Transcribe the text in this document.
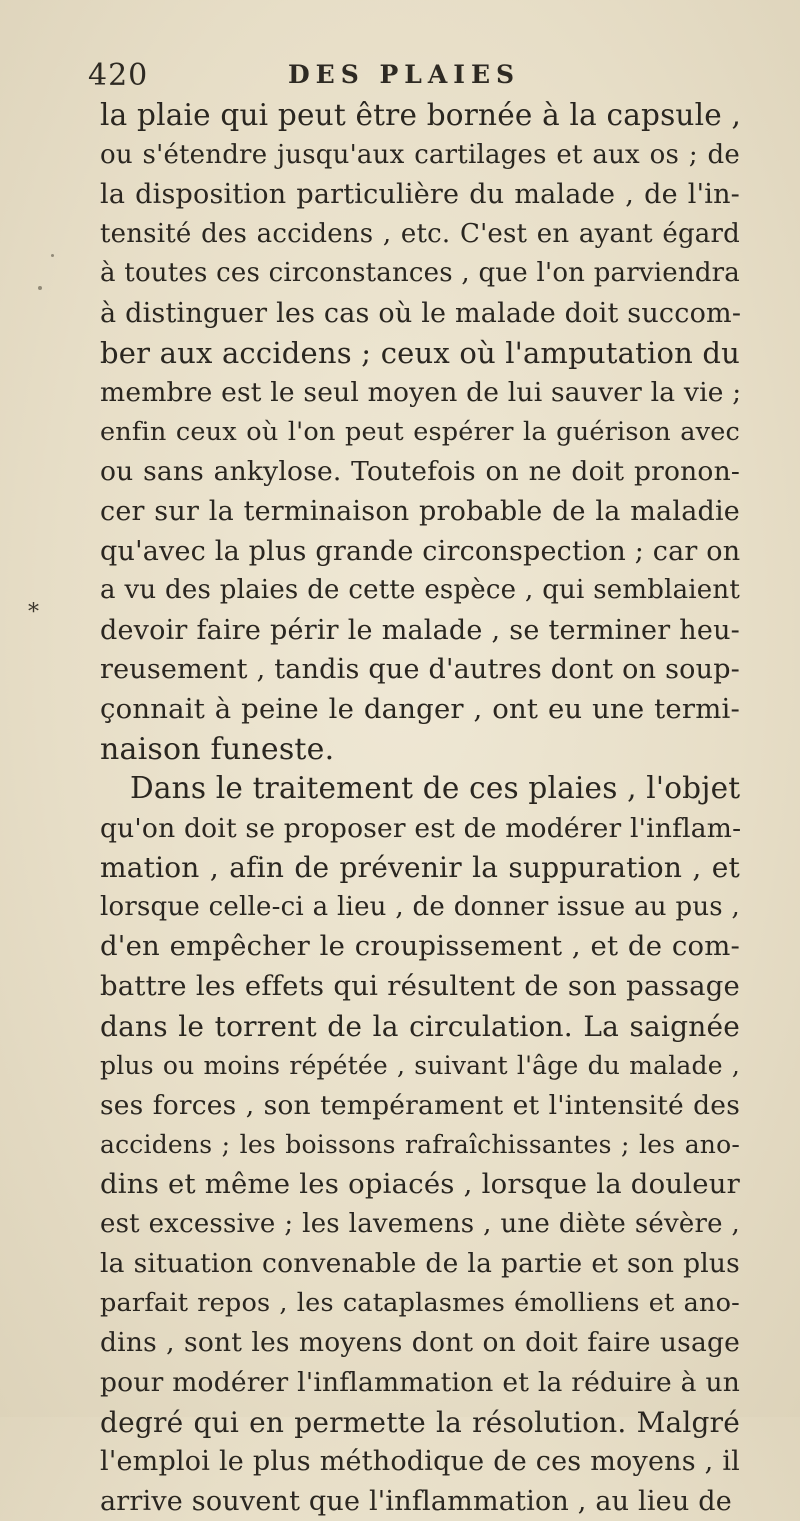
420	DES PLAIES
*
la plaie qui peut être bornée à la capsule ,
ou s'étendre jusqu'aux cartilages et aux os ; de
la disposition particulière du malade , de l'in-
tensité des accidens , etc. C'est en ayant égard
à toutes ces circonstances , que l'on parviendra
à distinguer les cas où le malade doit succom-
ber aux accidens ; ceux où l'amputation du
membre est le seul moyen de lui sauver la vie ;
enfin ceux où l'on peut espérer la guérison avec
ou sans ankylose. Toutefois on ne doit pronon-
cer sur la terminaison probable de la maladie
qu'avec la plus grande circonspection ; car on
a vu des plaies de cette espèce , qui semblaient
devoir faire périr le malade , se terminer heu-
reusement , tandis que d'autres dont on soup-
çonnait à peine le danger , ont eu une termi-
naison funeste.
Dans le traitement de ces plaies , l'objet
qu'on doit se proposer est de modérer l'inflam-
mation , afin de prévenir la suppuration , et
lorsque celle-ci a lieu , de donner issue au pus ,
d'en empêcher le croupissement , et de com-
battre les effets qui résultent de son passage
dans le torrent de la circulation. La saignée
plus ou moins répétée , suivant l'âge du malade ,
ses forces , son tempérament et l'intensité des
accidens ; les boissons rafraîchissantes ; les ano-
dins et même les opiacés , lorsque la douleur
est excessive ; les lavemens , une diète sévère ,
la situation convenable de la partie et son plus
parfait repos , les cataplasmes émolliens et ano-
dins , sont les moyens dont on doit faire usage
pour modérer l'inflammation et la réduire à un
degré qui en permette la résolution. Malgré
l'emploi le plus méthodique de ces moyens , il
arrive souvent que l'inflammation , au lieu de
